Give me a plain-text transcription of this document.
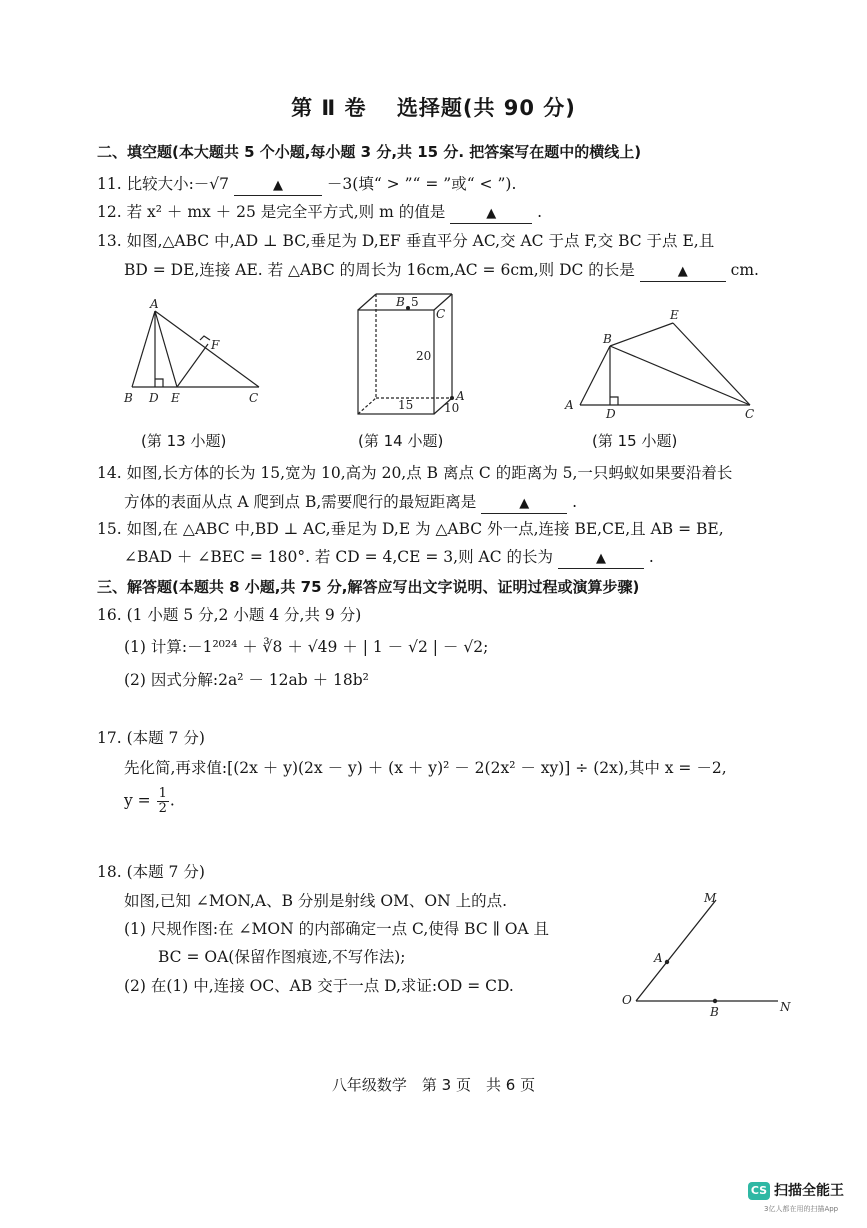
第 Ⅱ 卷　 选择题(共 90 分)
二、填空题(本大题共 5 个小题,每小题 3 分,共 15 分. 把答案写在题中的横线上)
11. 比较大小:－√7	▲	－3(填“ > ”“ = ”或“ < ”).
12. 若 x² ＋ mx ＋ 25 是完全平方式,则 m 的值是	▲	.
13. 如图,△ABC 中,AD ⊥ BC,垂足为 D,EF 垂直平分 AC,交 AC 于点 F,交 BC 于点 E,且
BD = DE,连接 AE. 若 △ABC 的周长为 16cm,AC = 6cm,则 DC 的长是	▲	cm.
A
B D E
F
C
B 5
C
20
A
15	10
E
B
A
D	C
(第 13 小题)	(第 14 小题)	(第 15 小题)
14. 如图,长方体的长为 15,宽为 10,高为 20,点 B 离点 C 的距离为 5,一只蚂蚁如果要沿着长
方体的表面从点 A 爬到点 B,需要爬行的最短距离是	▲	.
15. 如图,在 △ABC 中,BD ⊥ AC,垂足为 D,E 为 △ABC 外一点,连接 BE,CE,且 AB = BE,
∠BAD ＋ ∠BEC = 180°. 若 CD = 4,CE = 3,则 AC 的长为	▲	.
三、解答题(本题共 8 小题,共 75 分,解答应写出文字说明、证明过程或演算步骤)
16. (1 小题 5 分,2 小题 4 分,共 9 分)
(1) 计算:－1²⁰²⁴ ＋ ∛8 ＋ √49 ＋ | 1 － √2 | － √2;
(2) 因式分解:2a² － 12ab ＋ 18b²
17. (本题 7 分)
先化简,再求值:[(2x ＋ y)(2x － y) ＋ (x ＋ y)² － 2(2x² － xy)] ÷ (2x),其中 x = －2,
$y = \frac{1}{2}$ .
18. (本题 7 分)
如图,已知 ∠MON,A、B 分别是射线 OM、ON 上的点.
(1) 尺规作图:在 ∠MON 的内部确定一点 C,使得 BC ∥ OA 且
BC = OA(保留作图痕迹,不写作法);
(2) 在(1) 中,连接 OC、AB 交于一点 D,求证:OD = CD.
M
A
O
B	N
八年级数学　第 3 页　共 6 页
CS 扫描全能王
3亿人都在用的扫描App
